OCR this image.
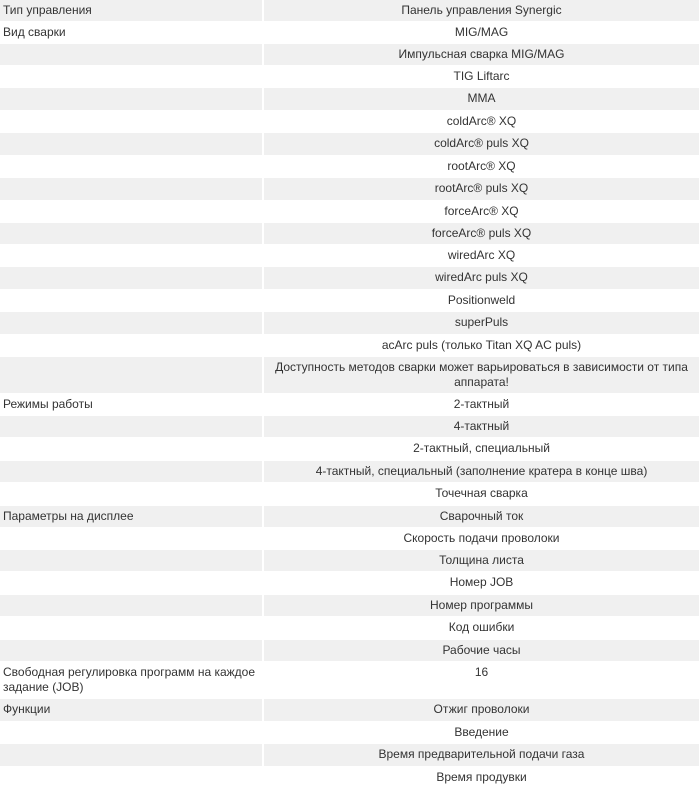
Тип управления	Панель управления Synergic
Вид сварки	MIG/MAG
	Импульсная сварка MIG/MAG
	TIG Liftarc
	MMA
	coldArc® XQ
	coldArc® puls XQ
	rootArc® XQ
	rootArc® puls XQ
	forceArc® XQ
	forceArc® puls XQ
	wiredArc XQ
	wiredArc puls XQ
	Positionweld
	superPuls
	acArc puls (только Titan XQ AC puls)
	Доступность методов сварки может варьироваться в зависимости от типа аппарата!
Режимы работы	2-тактный
	4-тактный
	2-тактный, специальный
	4-тактный, специальный (заполнение кратера в конце шва)
	Точечная сварка
Параметры на дисплее	Сварочный ток
	Скорость подачи проволоки
	Толщина листа
	Номер JOB
	Номер программы
	Код ошибки
	Рабочие часы
Свободная регулировка программ на каждое задание (JOB)	16
Функции	Отжиг проволоки
	Введение
	Время предварительной подачи газа
	Время продувки
